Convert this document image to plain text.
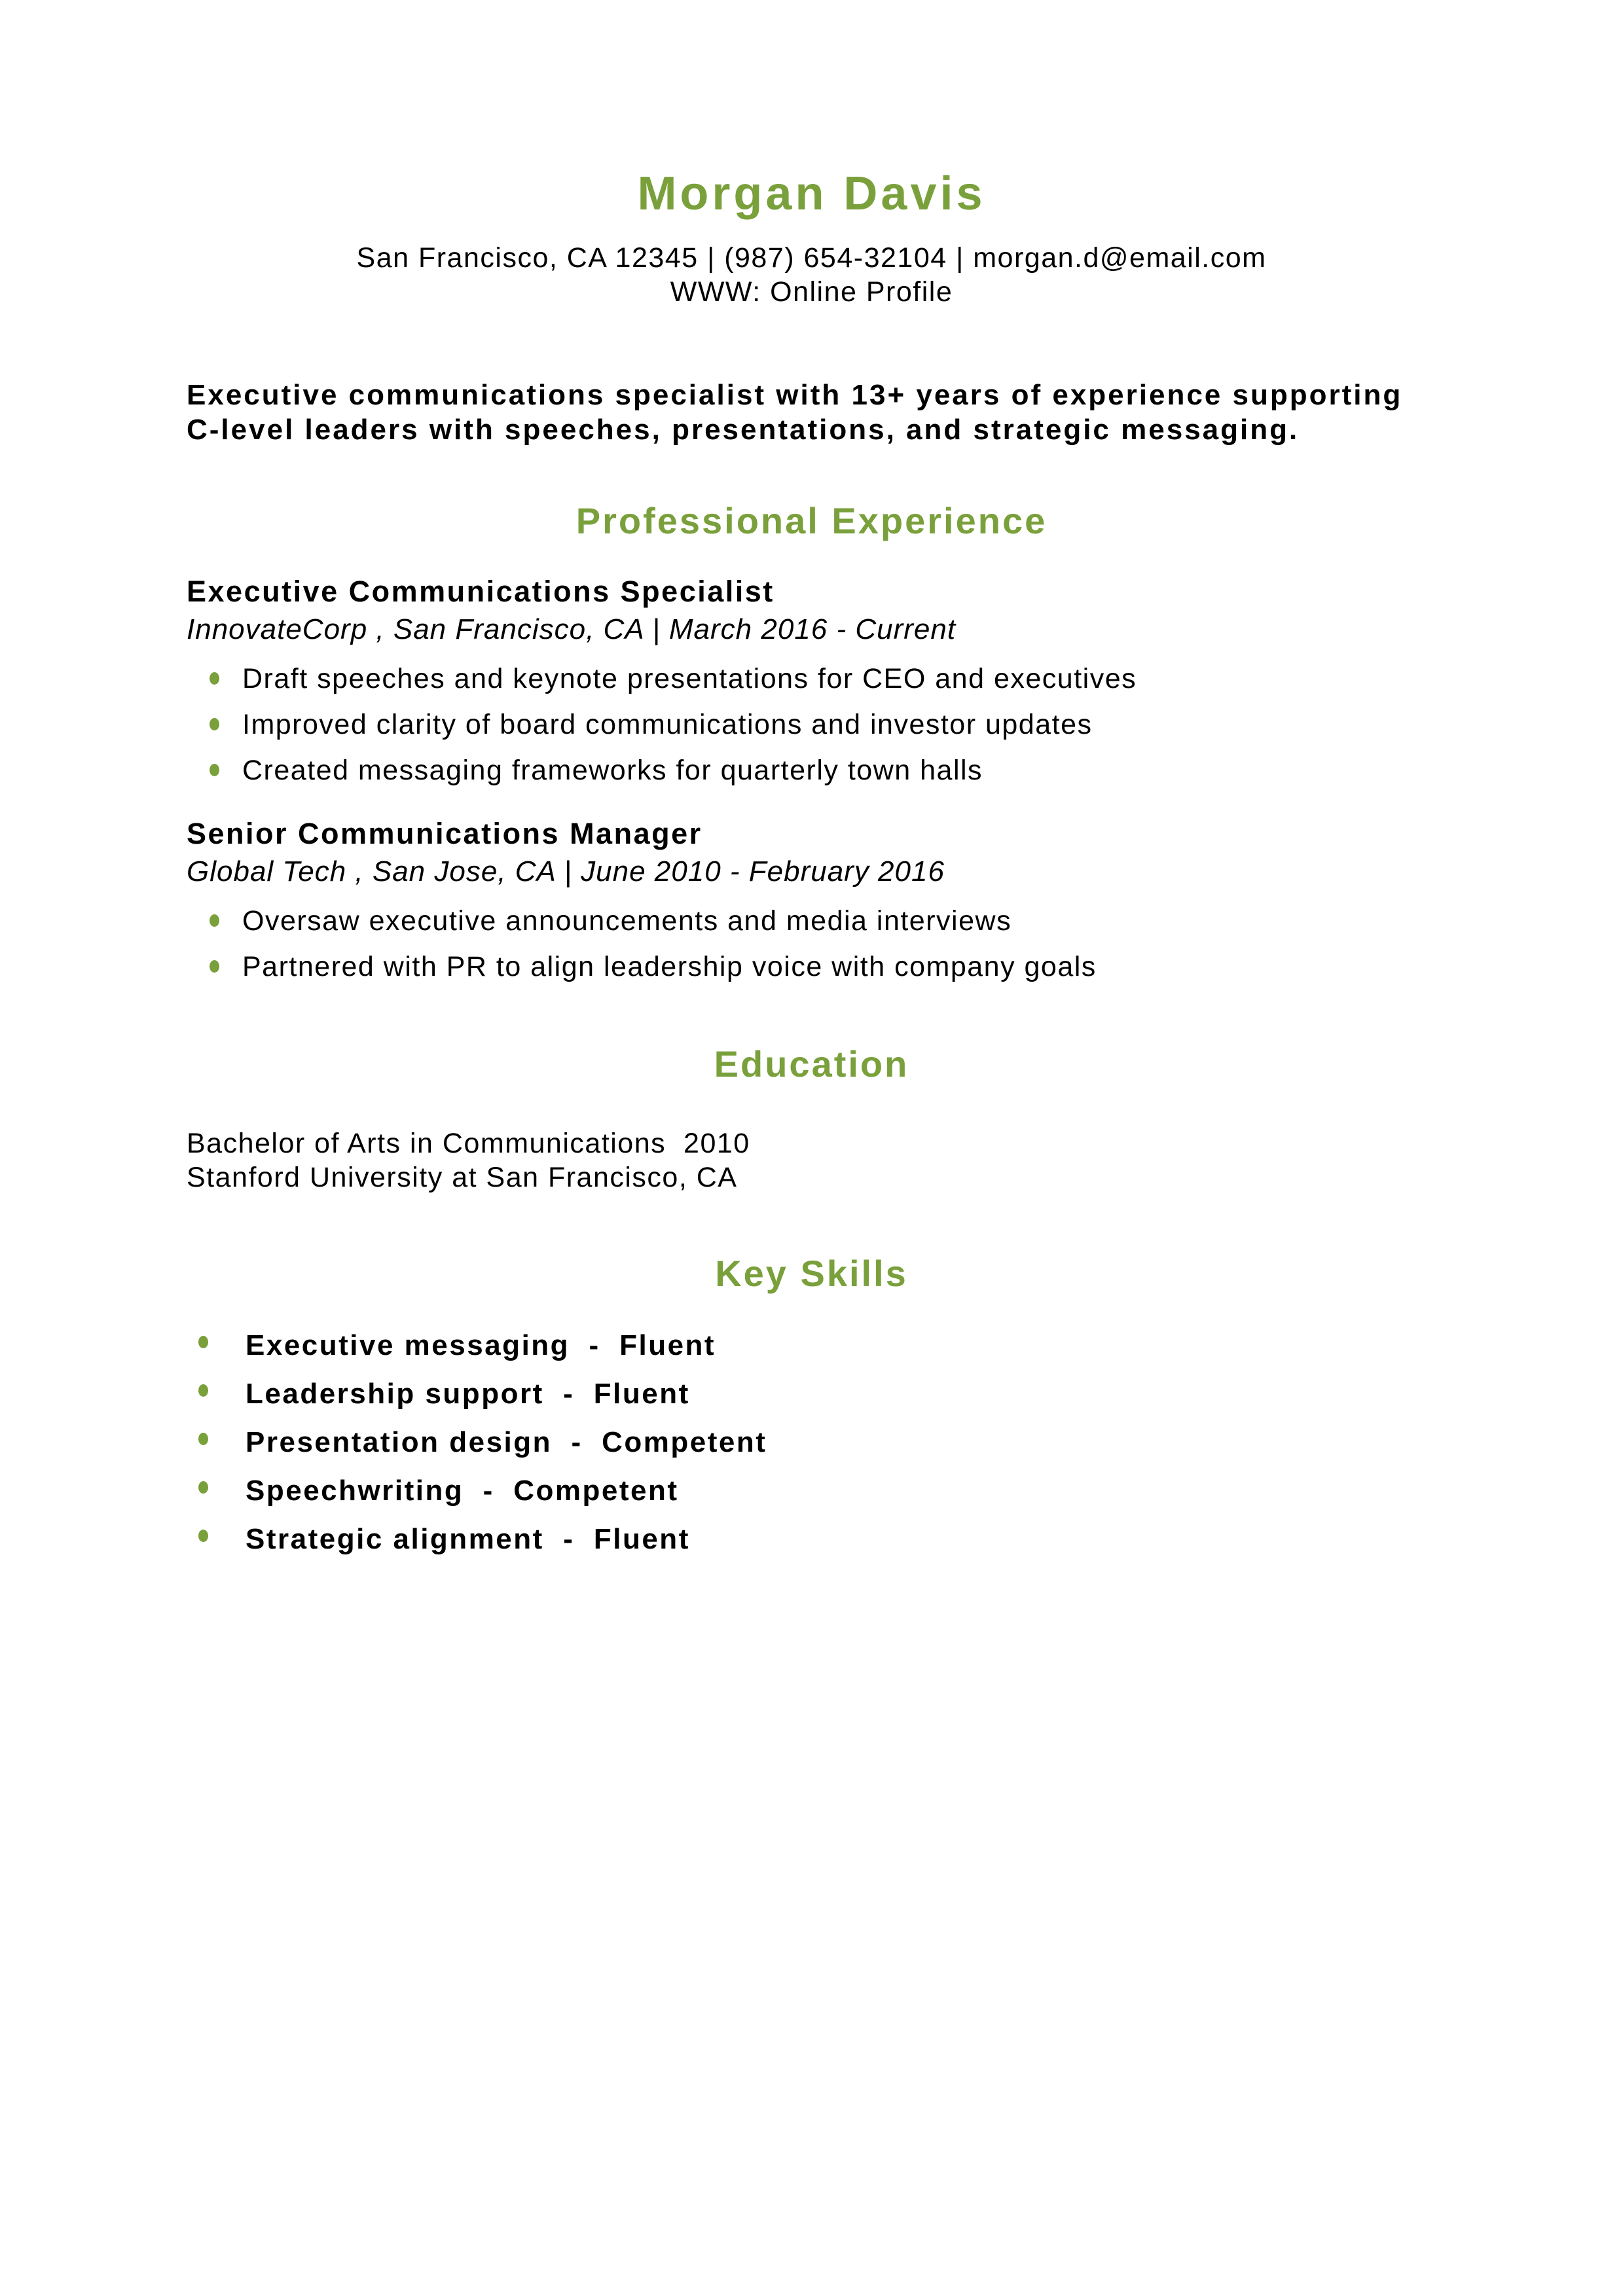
Morgan Davis
San Francisco, CA 12345 | (987) 654-32104 | morgan.d@email.com
WWW: Online Profile

Executive communications specialist with 13+ years of experience supporting C-level leaders with speeches, presentations, and strategic messaging.

Professional Experience
Executive Communications Specialist
InnovateCorp , San Francisco, CA | March 2016 - Current
Draft speeches and keynote presentations for CEO and executives
Improved clarity of board communications and investor updates
Created messaging frameworks for quarterly town halls
Senior Communications Manager
Global Tech , San Jose, CA | June 2010 - February 2016
Oversaw executive announcements and media interviews
Partnered with PR to align leadership voice with company goals
Education
Bachelor of Arts in Communications  2010
Stanford University at San Francisco, CA
Key Skills
Executive messaging  -  Fluent
Leadership support  -  Fluent
Presentation design  -  Competent
Speechwriting  -  Competent
Strategic alignment  -  Fluent
